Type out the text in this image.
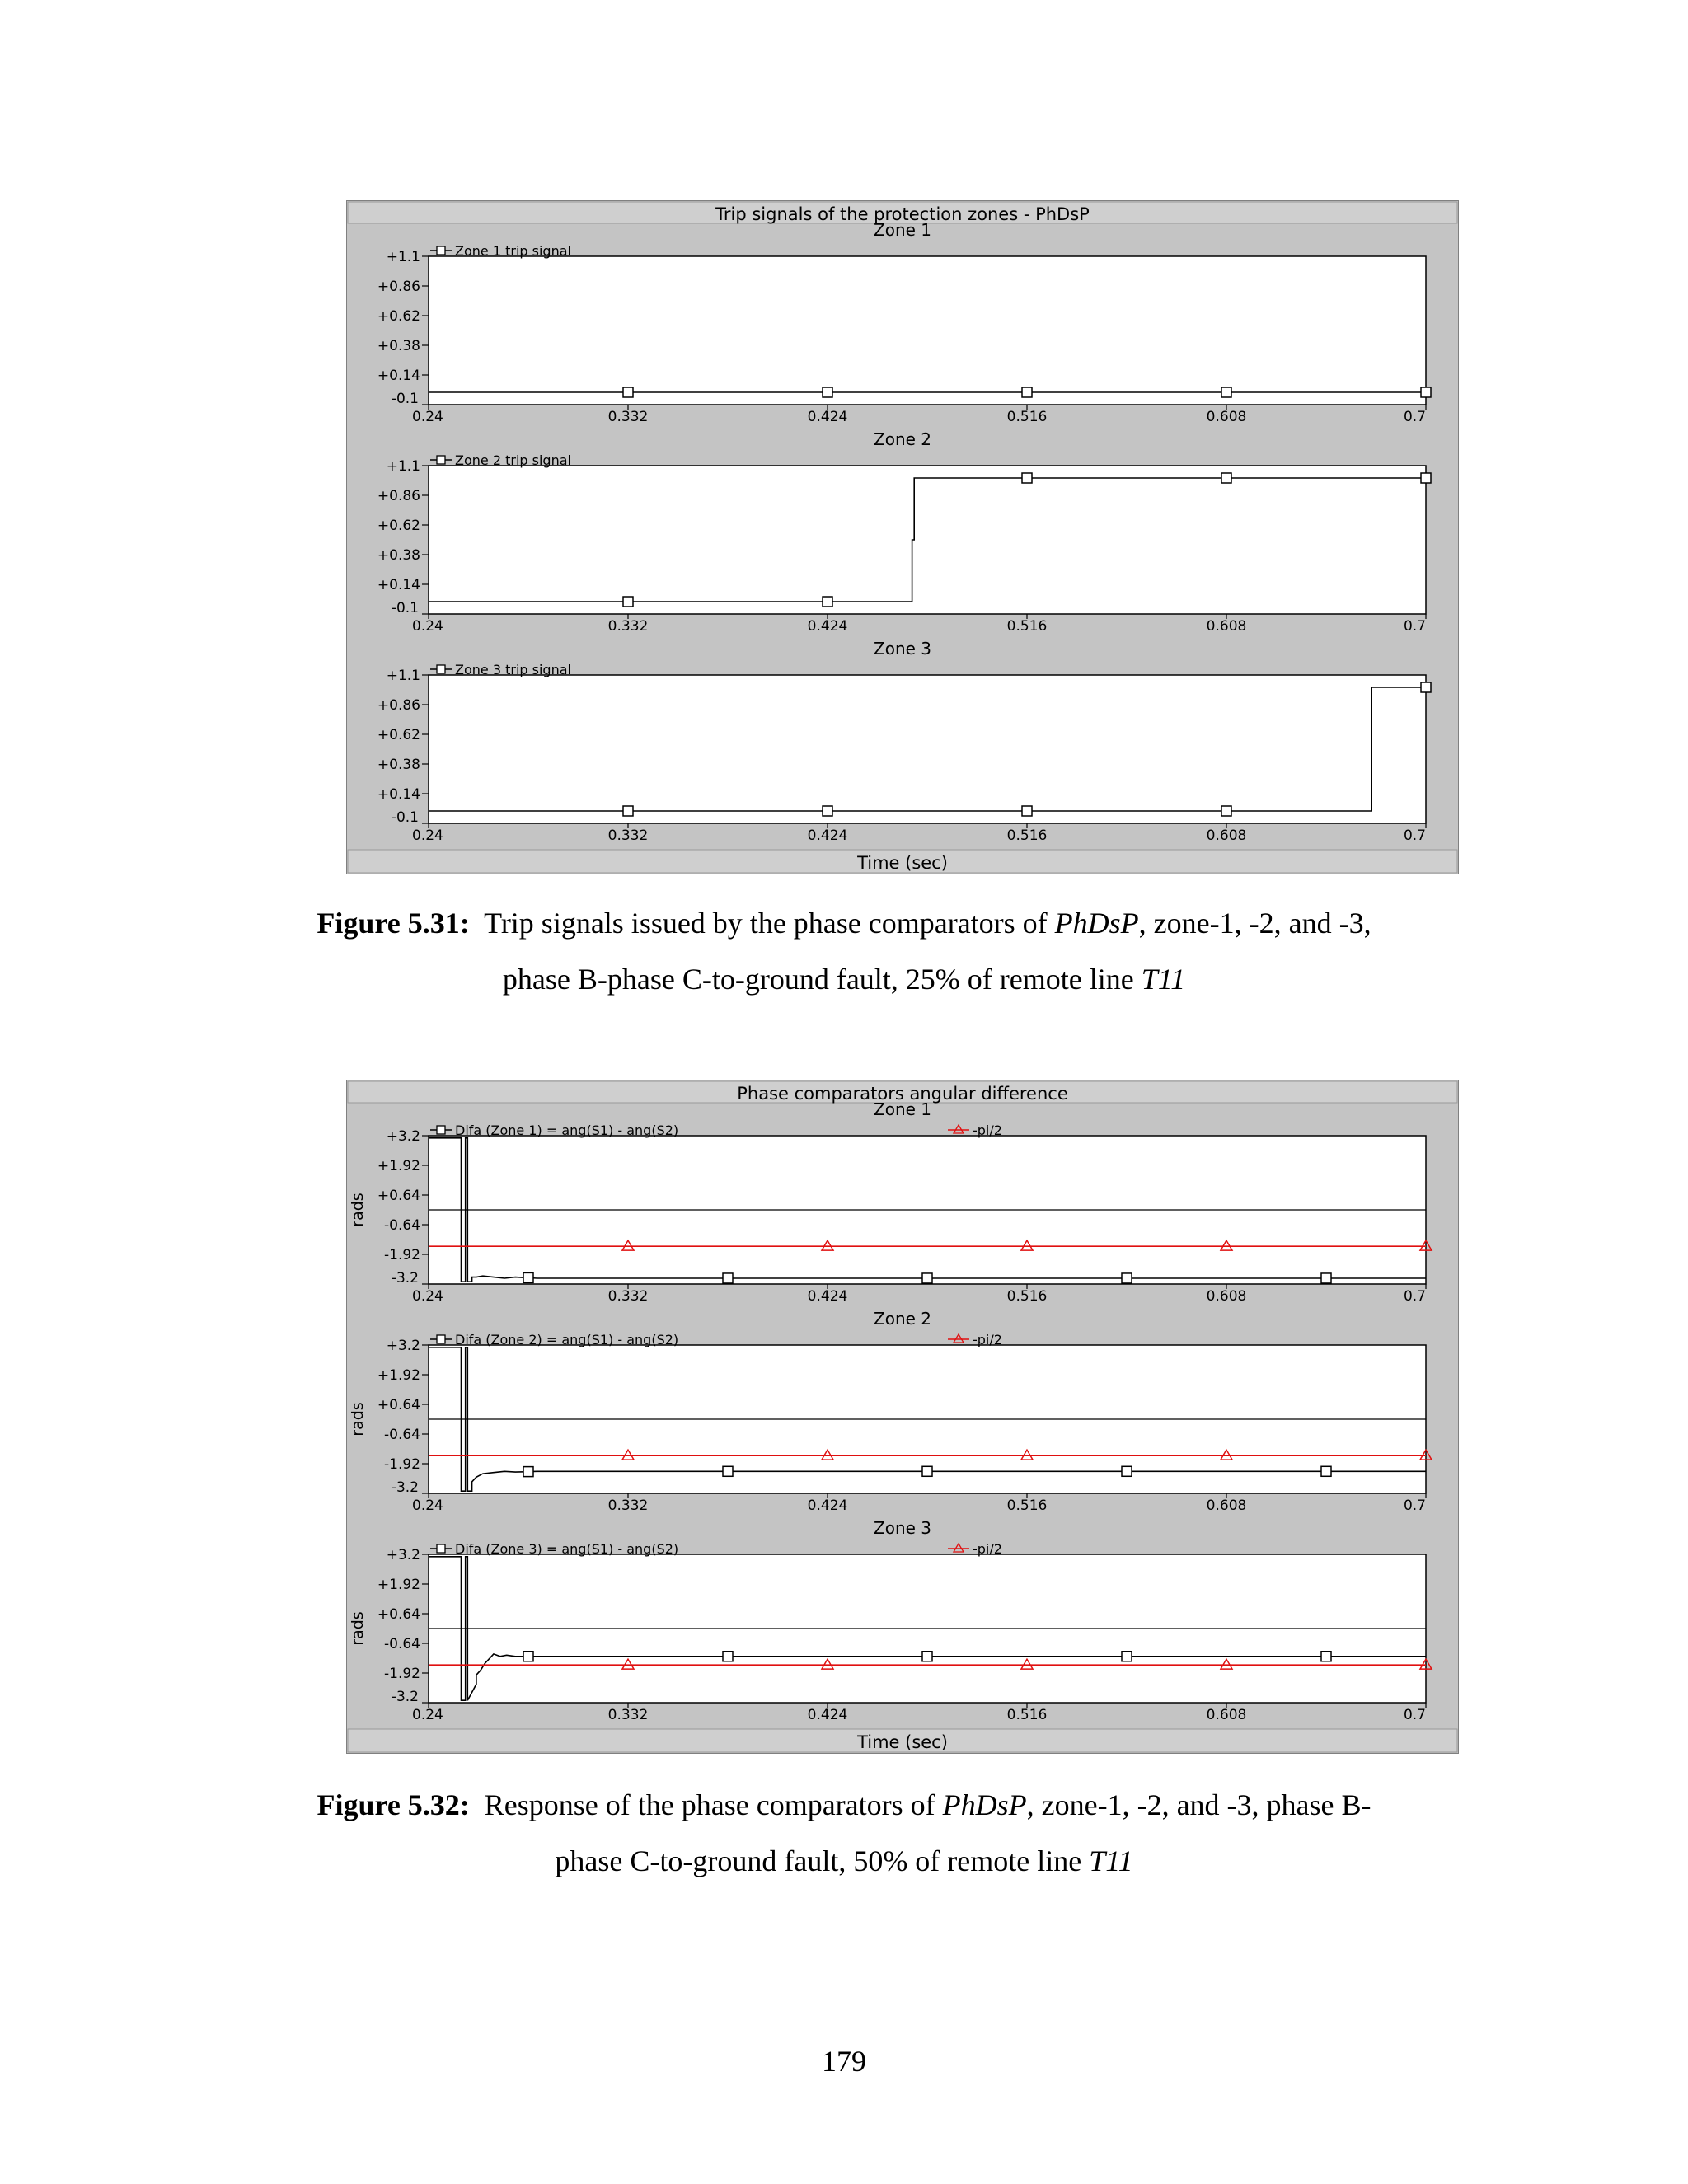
Trip signals of the protection zones - PhDsP
Time (sec)
Zone 1
+1.1
+0.86
+0.62
+0.38
+0.14
-0.1
0.24	0.332	0.424	0.516	0.608	0.7
Zone 1 trip signal
Zone 2
+1.1
+0.86
+0.62
+0.38
+0.14
-0.1
0.24	0.332	0.424	0.516	0.608	0.7
Zone 2 trip signal
Zone 3
+1.1
+0.86
+0.62
+0.38
+0.14
-0.1
0.24	0.332	0.424	0.516	0.608	0.7
Zone 3 trip signal
Figure 5.31: Trip signals issued by the phase comparators of PhDsP, zone-1, -2, and -3,
phase B-phase C-to-ground fault, 25% of remote line T11
Phase comparators angular difference
Time (sec)
Zone 1
+3.2
+1.92
+0.64
-0.64
-1.92
-3.2
0.24	0.332	0.424	0.516	0.608	0.7
rads
Difa (Zone 1) = ang(S1) - ang(S2)	-pi/2
Zone 2
+3.2
+1.92
+0.64
-0.64
-1.92
-3.2
0.24	0.332	0.424	0.516	0.608	0.7
rads
Difa (Zone 2) = ang(S1) - ang(S2)	-pi/2
Zone 3
+3.2
+1.92
+0.64
-0.64
-1.92
-3.2
0.24	0.332	0.424	0.516	0.608	0.7
rads
Difa (Zone 3) = ang(S1) - ang(S2)	-pi/2
Figure 5.32: Response of the phase comparators of PhDsP, zone-1, -2, and -3, phase B-
phase C-to-ground fault, 50% of remote line T11
179
